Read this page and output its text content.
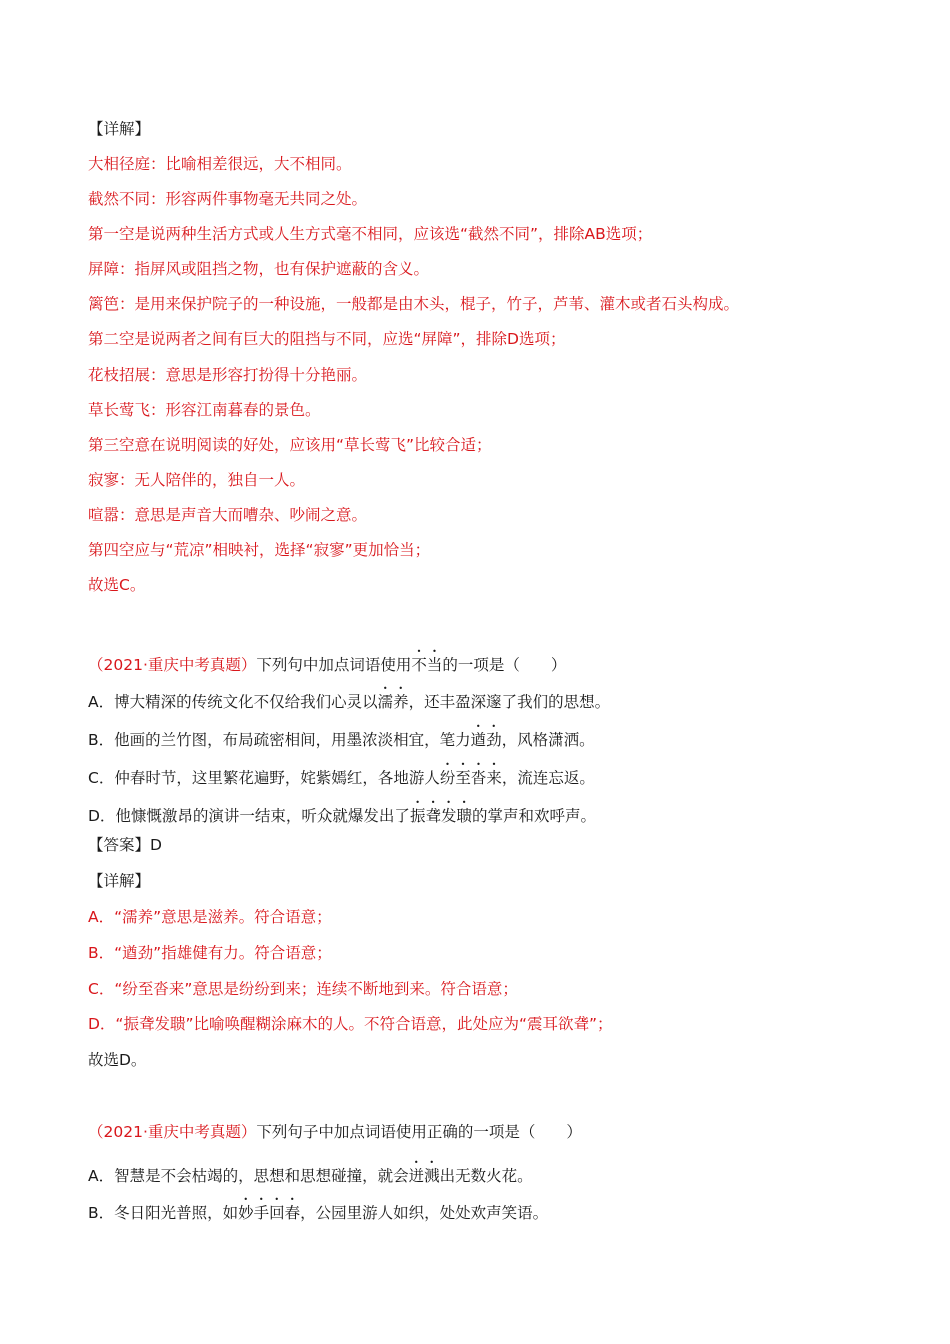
【详解】
大相径庭：比喻相差很远，大不相同。
截然不同：形容两件事物毫无共同之处。
第一空是说两种生活方式或人生方式毫不相同，应该选“截然不同”，排除AB选项；
屏障：指屏风或阻挡之物，也有保护遮蔽的含义。
篱笆：是用来保护院子的一种设施，一般都是由木头，棍子，竹子，芦苇、灌木或者石头构成。
第二空是说两者之间有巨大的阻挡与不同，应选“屏障”，排除D选项；
花枝招展：意思是形容打扮得十分艳丽。
草长莺飞：形容江南暮春的景色。
第三空意在说明阅读的好处，应该用“草长莺飞”比较合适；
寂寥：无人陪伴的，独自一人。
喧嚣：意思是声音大而嘈杂、吵闹之意。
第四空应与“荒凉”相映衬，选择“寂寥”更加恰当；
故选C。
（2021·重庆中考真题）下列句中加点词语使用不当的一项是（　　）
A．博大精深的传统文化不仅给我们心灵以濡养，还丰盈深邃了我们的思想。
B．他画的兰竹图，布局疏密相间，用墨浓淡相宜，笔力遒劲，风格潇洒。
C．仲春时节，这里繁花遍野，姹紫嫣红，各地游人纷至沓来，流连忘返。
D．他慷慨激昂的演讲一结束，听众就爆发出了振聋发聩的掌声和欢呼声。
【答案】D
【详解】
A．“濡养”意思是滋养。符合语意；
B．“遒劲”指雄健有力。符合语意；
C．“纷至沓来”意思是纷纷到来；连续不断地到来。符合语意；
D．“振聋发聩”比喻唤醒糊涂麻木的人。不符合语意，此处应为“震耳欲聋”；
故选D。
（2021·重庆中考真题）下列句子中加点词语使用正确的一项是（　　）
A．智慧是不会枯竭的，思想和思想碰撞，就会迸溅出无数火花。
B．冬日阳光普照，如妙手回春，公园里游人如织，处处欢声笑语。
